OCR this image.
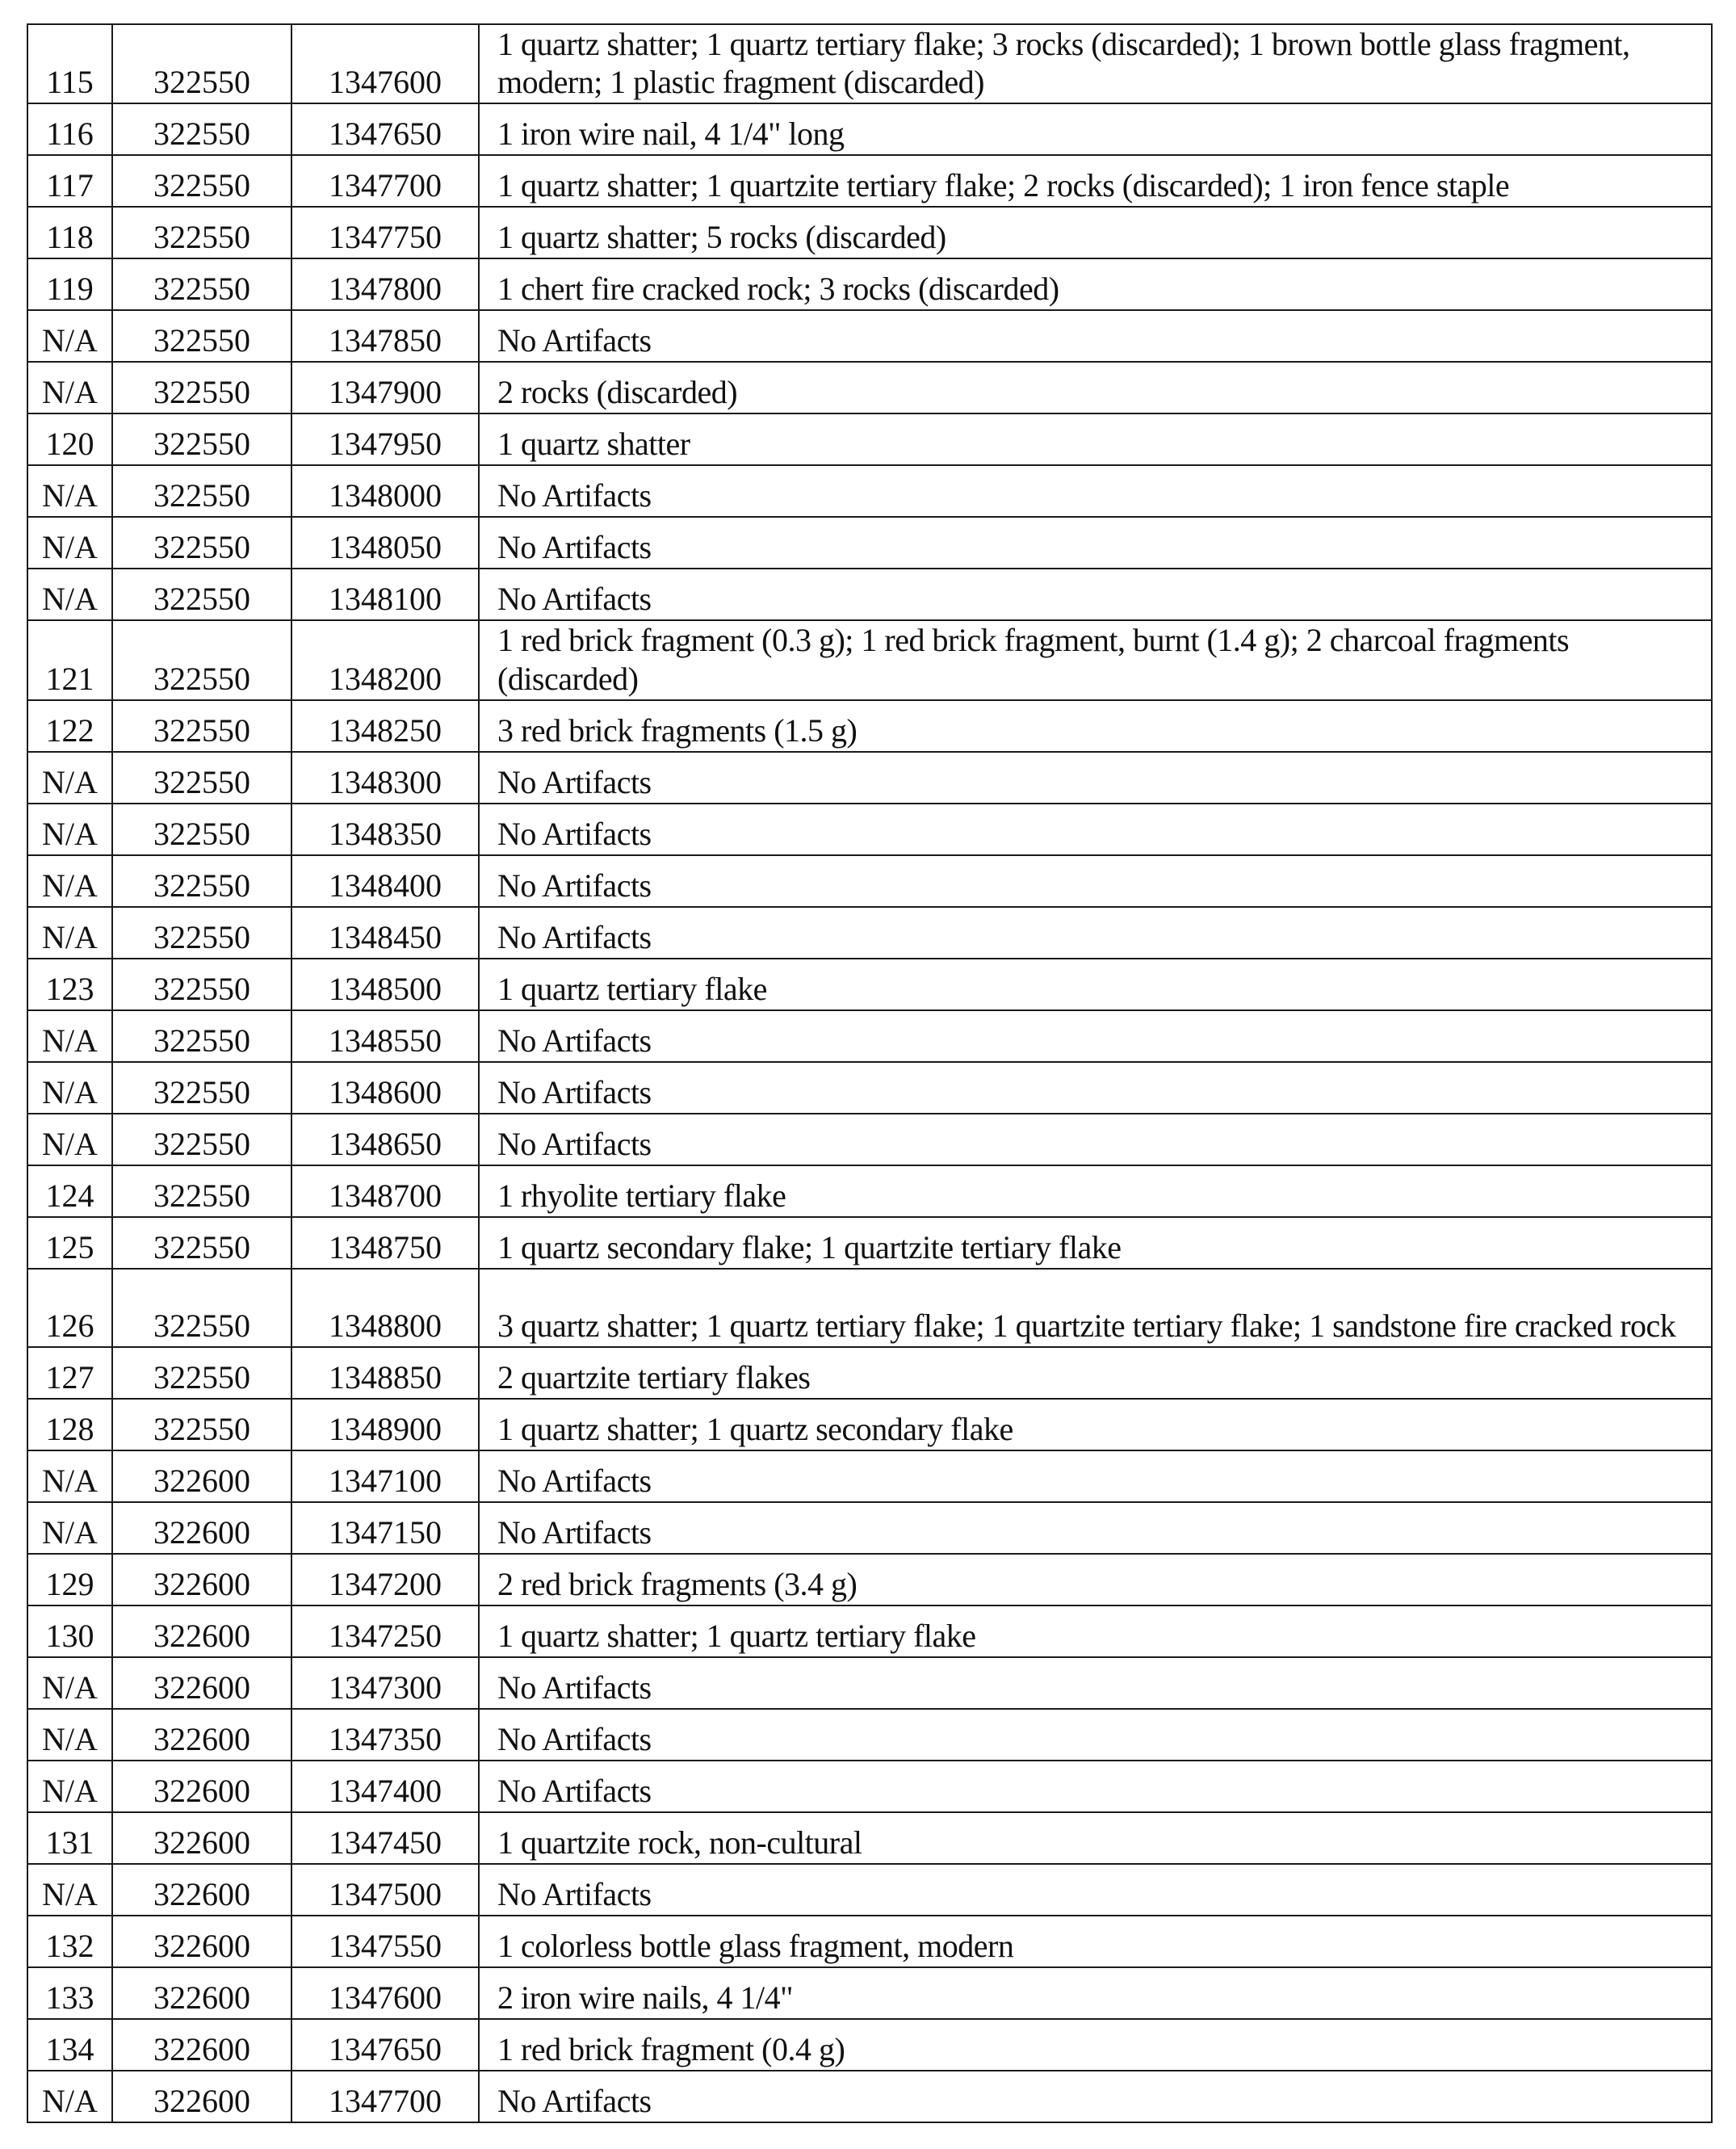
115	322550	1347600	1 quartz shatter; 1 quartz tertiary flake; 3 rocks (discarded); 1 brown bottle glass fragment, modern; 1 plastic fragment (discarded)

116	322550	1347650	1 iron wire nail, 4 1/4" long

117	322550	1347700	1 quartz shatter; 1 quartzite tertiary flake; 2 rocks (discarded); 1 iron fence staple

118	322550	1347750	1 quartz shatter; 5 rocks (discarded)

119	322550	1347800	1 chert fire cracked rock; 3 rocks (discarded)

N/A	322550	1347850	No Artifacts

N/A	322550	1347900	2 rocks (discarded)

120	322550	1347950	1 quartz shatter

N/A	322550	1348000	No Artifacts

N/A	322550	1348050	No Artifacts

N/A	322550	1348100	No Artifacts

121	322550	1348200	1 red brick fragment (0.3 g); 1 red brick fragment, burnt (1.4 g); 2 charcoal fragments (discarded)

122	322550	1348250	3 red brick fragments (1.5 g)

N/A	322550	1348300	No Artifacts

N/A	322550	1348350	No Artifacts

N/A	322550	1348400	No Artifacts

N/A	322550	1348450	No Artifacts

123	322550	1348500	1 quartz tertiary flake

N/A	322550	1348550	No Artifacts

N/A	322550	1348600	No Artifacts

N/A	322550	1348650	No Artifacts

124	322550	1348700	1 rhyolite tertiary flake

125	322550	1348750	1 quartz secondary flake; 1 quartzite tertiary flake

126	322550	1348800	3 quartz shatter; 1 quartz tertiary flake; 1 quartzite tertiary flake; 1 sandstone fire cracked rock

127	322550	1348850	2 quartzite tertiary flakes

128	322550	1348900	1 quartz shatter; 1 quartz secondary flake

N/A	322600	1347100	No Artifacts

N/A	322600	1347150	No Artifacts

129	322600	1347200	2 red brick fragments (3.4 g)

130	322600	1347250	1 quartz shatter; 1 quartz tertiary flake

N/A	322600	1347300	No Artifacts

N/A	322600	1347350	No Artifacts

N/A	322600	1347400	No Artifacts

131	322600	1347450	1 quartzite rock, non-cultural

N/A	322600	1347500	No Artifacts

132	322600	1347550	1 colorless bottle glass fragment, modern

133	322600	1347600	2 iron wire nails, 4 1/4"

134	322600	1347650	1 red brick fragment (0.4 g)

N/A	322600	1347700	No Artifacts
